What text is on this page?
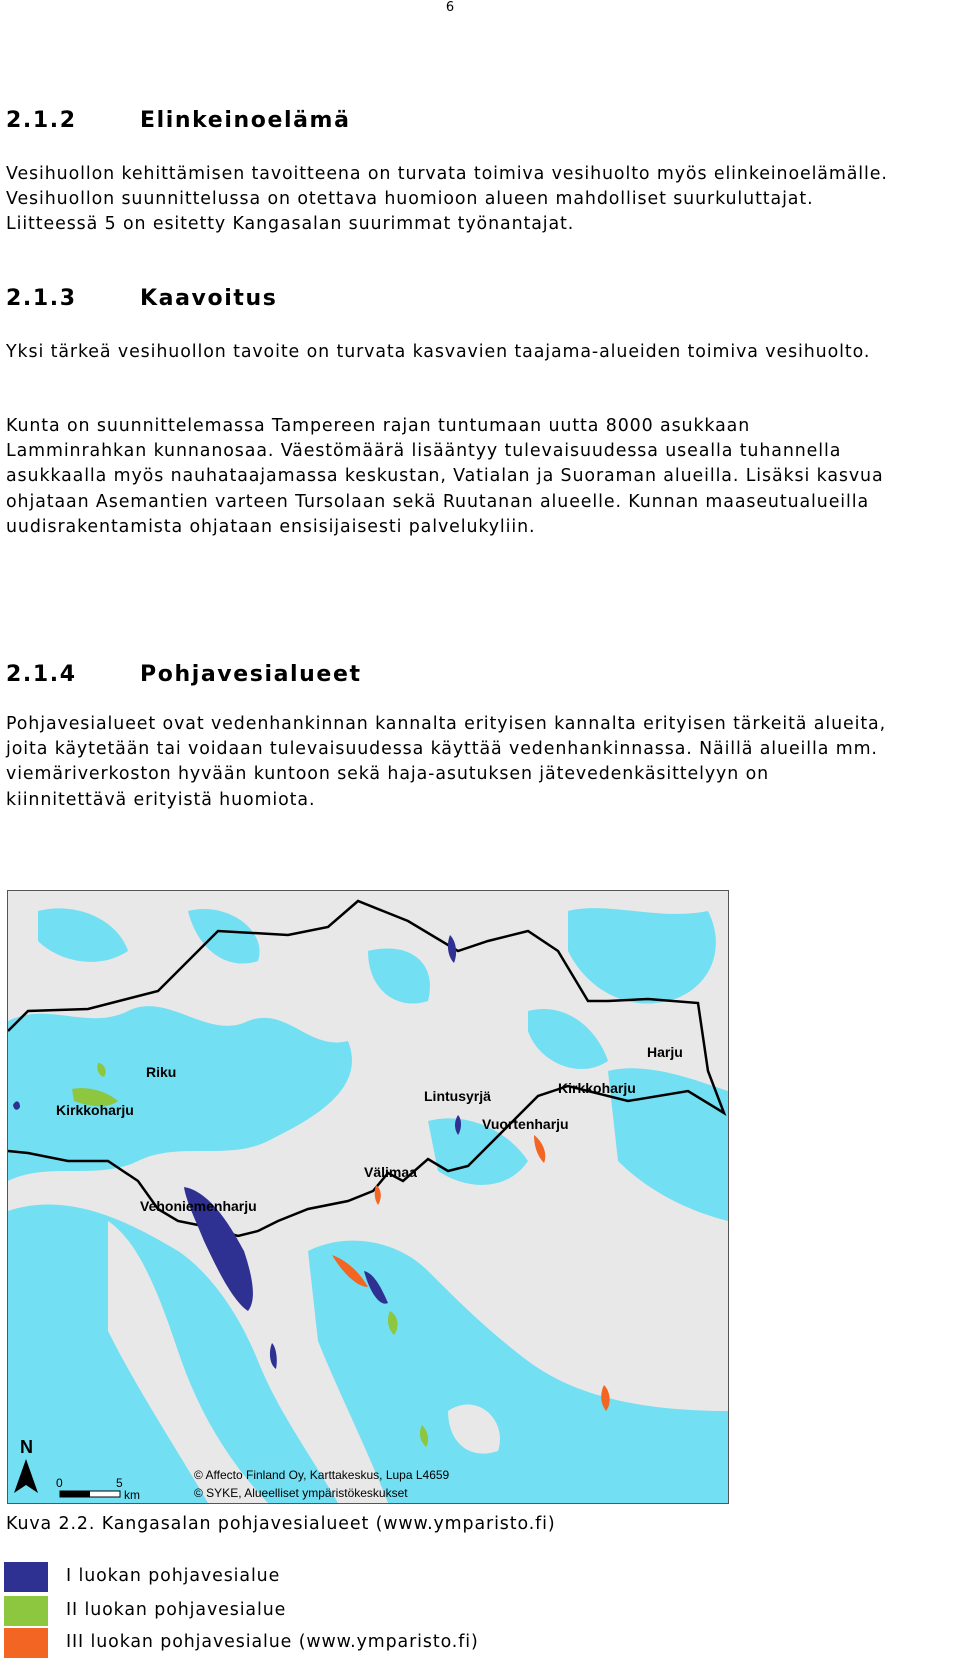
6
2.1.2	Elinkeinoelämä

Vesihuollon kehittämisen tavoitteena on turvata toimiva vesihuolto myös elinkeinoelämälle. Vesihuollon suunnittelussa on otettava huomioon alueen mahdolliset suurkuluttajat. Liitteessä 5 on esitetty Kangasalan suurimmat työnantajat.

2.1.3	Kaavoitus

Yksi tärkeä vesihuollon tavoite on turvata kasvavien taajama-alueiden toimiva vesihuolto.

Kunta on suunnittelemassa Tampereen rajan tuntumaan uutta 8000 asukkaan Lamminrahkan kunnanosaa. Väestömäärä lisääntyy tulevaisuudessa usealla tuhannella asukkaalla myös nauhataajamassa keskustan, Vatialan ja Suoraman alueilla. Lisäksi kasvua ohjataan Asemantien varteen Tursolaan sekä Ruutanan alueelle. Kunnan maaseutualueilla uudisrakentamista ohjataan ensisijaisesti palvelukyliin.

2.1.4	Pohjavesialueet

Pohjavesialueet ovat vedenhankinnan kannalta erityisen kannalta erityisen tärkeitä alueita, joita käytetään tai voidaan tulevaisuudessa käyttää vedenhankinnassa. Näillä alueilla mm. viemäriverkoston hyvään kuntoon sekä haja-asutuksen jätevedenkäsittelyyn on kiinnitettävä erityistä huomiota.

Riku
Kirkkoharju
Lintusyrjä
Vuortenharju
Harju
Kirkkoharju
Välimaa
Vehoniemenharju
N
0	5
km
© Affecto Finland Oy, Karttakeskus, Lupa L4659
© SYKE, Alueelliset ympäristökeskukset
Kuva 2.2. Kangasalan pohjavesialueet (www.ymparisto.fi)
I luokan pohjavesialue
II luokan pohjavesialue
III luokan pohjavesialue (www.ymparisto.fi)
